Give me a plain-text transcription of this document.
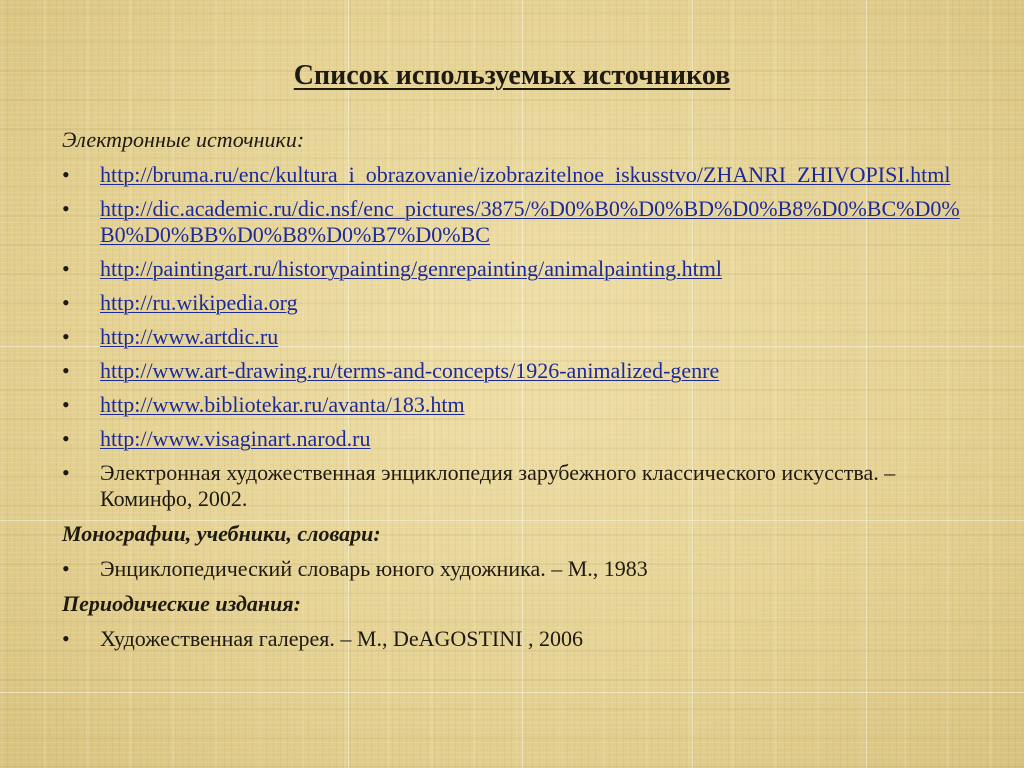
Список используемых источников
Электронные источники:
•	http://bruma.ru/enc/kultura_i_obrazovanie/izobrazitelnoe_iskusstvo/ZHANRI_ZHIVOPISI.html
•	http://dic.academic.ru/dic.nsf/enc_pictures/3875/%D0%B0%D0%BD%D0%B8%D0%BC%D0%B0%D0%BB%D0%B8%D0%B7%D0%BC
•	http://paintingart.ru/historypainting/genrepainting/animalpainting.html
•	http://ru.wikipedia.org
•	http://www.artdic.ru
•	http://www.art-drawing.ru/terms-and-concepts/1926-animalized-genre
•	http://www.bibliotekar.ru/avanta/183.htm
•	http://www.visaginart.narod.ru
•	Электронная художественная энциклопедия зарубежного классического искусства. – Коминфо, 2002.
Монографии, учебники, словари:
•	Энциклопедический словарь юного художника. – М., 1983
Периодические издания:
•	Художественная галерея. – М., DeAGOSTINI , 2006
